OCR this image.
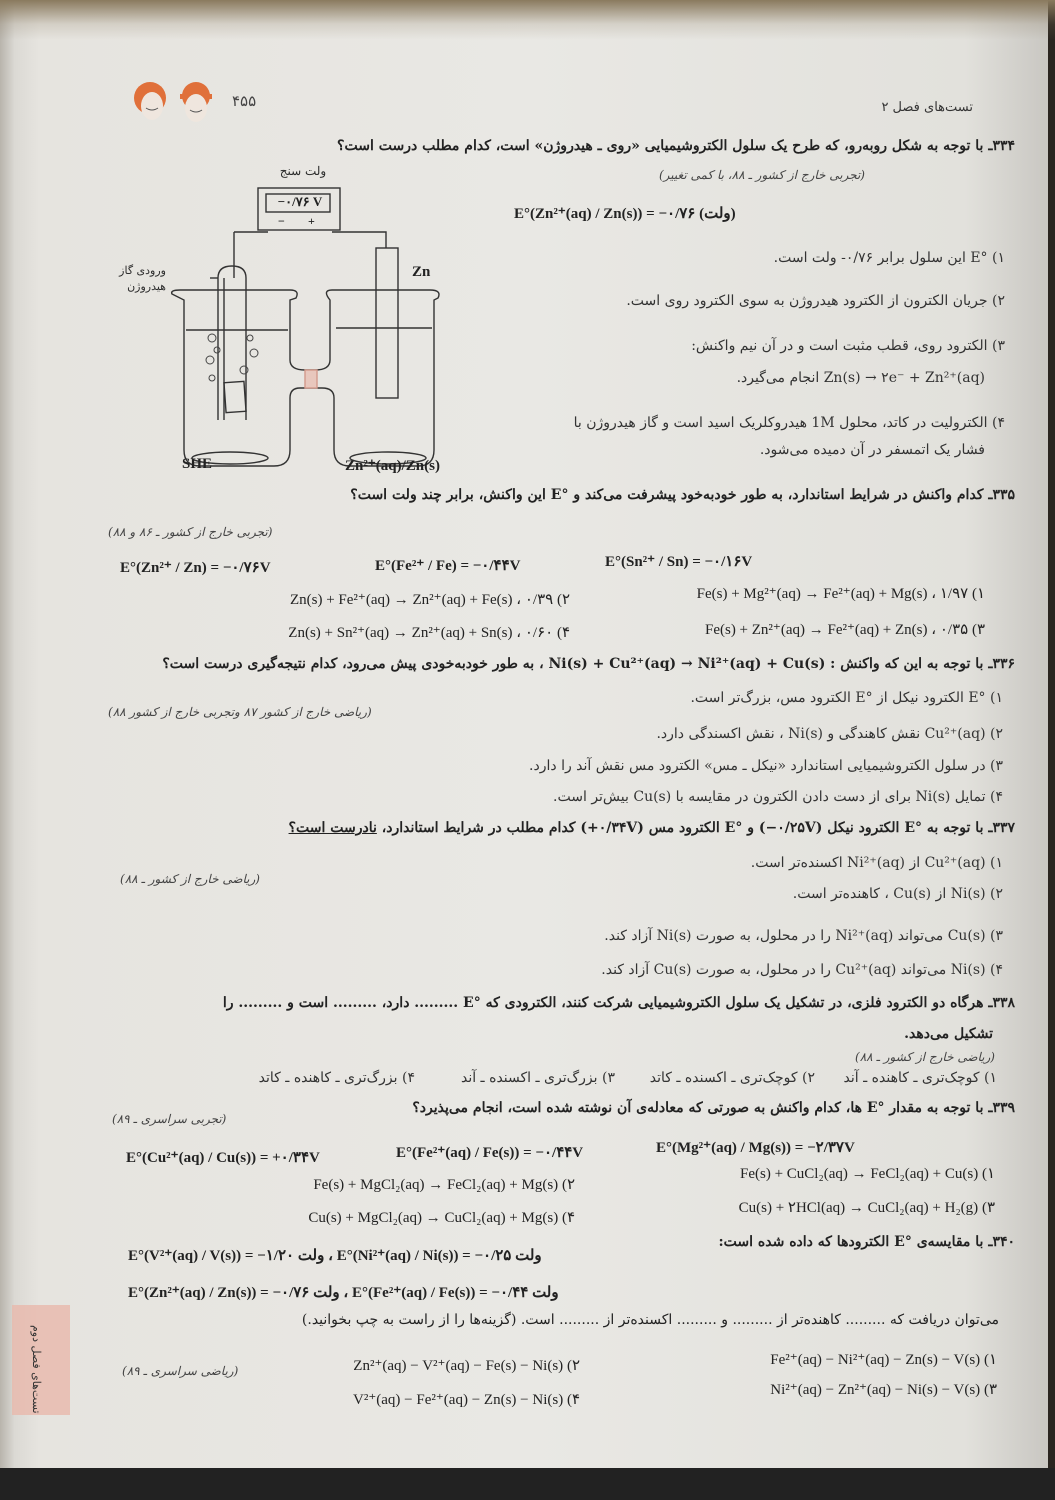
۴۵۵	تست‌های فصل ۲
۳۳۴ـ با توجه به شکل روبه‌رو، که طرح یک سلول الکتروشیمیایی «روی ـ هیدروژن» است، کدام مطلب درست است؟
(تجربی خارج از کشور ـ ۸۸، با کمی تغییر)
ولت سنج
−۰/۷۶ V
− +
ورودی گاز
هیدروژن
Zn
SHE	Zn²⁺(aq)/Zn(s)
E°(Zn²⁺(aq) / Zn(s)) = −۰/۷۶ (ولت)
۱) °E این سلول برابر ۰/۷۶- ولت است.
۲) جریان الکترون از الکترود هیدروژن به سوی الکترود روی است.
۳) الکترود روی، قطب مثبت است و در آن نیم واکنش:
Zn(s) → ۲e⁻ + Zn²⁺(aq) انجام می‌گیرد.
۴) الکترولیت در کاتد، محلول 1M هیدروکلریک اسید است و گاز هیدروژن با
فشار یک اتمسفر در آن دمیده می‌شود.
۳۳۵ـ کدام واکنش در شرایط استاندارد، به طور خودبه‌خود پیشرفت می‌کند و °E این واکنش، برابر چند ولت است؟
(تجربی خارج از کشور ـ ۸۶ و ۸۸)
E°(Zn²⁺ / Zn) = −۰/۷۶V	E°(Fe²⁺ / Fe) = −۰/۴۴V	E°(Sn²⁺ / Sn) = −۰/۱۶V
۱) Fe(s) + Mg²⁺(aq) → Fe²⁺(aq) + Mg(s) ، ۱/۹۷
۲) Zn(s) + Fe²⁺(aq) → Zn²⁺(aq) + Fe(s) ، ۰/۳۹
۳) Fe(s) + Zn²⁺(aq) → Fe²⁺(aq) + Zn(s) ، ۰/۳۵
۴) Zn(s) + Sn²⁺(aq) → Zn²⁺(aq) + Sn(s) ، ۰/۶۰
۳۳۶ـ با توجه به این که واکنش : Ni(s) + Cu²⁺(aq) → Ni²⁺(aq) + Cu(s) ، به طور خودبه‌خودی پیش می‌رود، کدام نتیجه‌گیری درست است؟
(ریاضی خارج از کشور ۸۷ وتجربی خارج از کشور ۸۸)
۱) °E الکترود نیکل از °E الکترود مس، بزرگ‌تر است.
۲) Cu²⁺(aq) نقش کاهندگی و Ni(s) ، نقش اکسندگی دارد.
۳) در سلول الکتروشیمیایی استاندارد «نیکل ـ مس» الکترود مس نقش آند را دارد.
۴) تمایل Ni(s) برای از دست دادن الکترون در مقایسه با Cu(s) بیش‌تر است.
۳۳۷ـ با توجه به °E الکترود نیکل (۰/۲۵V−) و °E الکترود مس (۰/۳۴V+) کدام مطلب در شرایط استاندارد، نادرست است؟
(ریاضی خارج از کشور ـ ۸۸)
۱) Cu²⁺(aq) از Ni²⁺(aq) اکسنده‌تر است.
۲) Ni(s) از Cu(s) ، کاهنده‌تر است.
۳) Cu(s) می‌تواند Ni²⁺(aq) را در محلول، به صورت Ni(s) آزاد کند.
۴) Ni(s) می‌تواند Cu²⁺(aq) را در محلول، به صورت Cu(s) آزاد کند.
۳۳۸ـ هرگاه دو الکترود فلزی، در تشکیل یک سلول الکتروشیمیایی شرکت کنند، الکترودی که °E ......... دارد، ......... است و ......... را
تشکیل می‌دهد.
(ریاضی خارج از کشور ـ ۸۸)
۱) کوچک‌تری ـ کاهنده ـ آند
۲) کوچک‌تری ـ اکسنده ـ کاتد
۳) بزرگ‌تری ـ اکسنده ـ آند
۴) بزرگ‌تری ـ کاهنده ـ کاتد
۳۳۹ـ با توجه به مقدار °E ها، کدام واکنش به صورتی که معادله‌ی آن نوشته شده است، انجام می‌پذیرد؟
(تجربی سراسری ـ ۸۹)
E°(Cu²⁺(aq) / Cu(s)) = +۰/۳۴V	E°(Fe²⁺(aq) / Fe(s)) = −۰/۴۴V	E°(Mg²⁺(aq) / Mg(s)) = −۲/۳۷V
۱) Fe(s) + CuCl₂(aq) → FeCl₂(aq) + Cu(s)
۲) Fe(s) + MgCl₂(aq) → FeCl₂(aq) + Mg(s)
۳) Cu(s) + ۲HCl(aq) → CuCl₂(aq) + H₂(g)
۴) Cu(s) + MgCl₂(aq) → CuCl₂(aq) + Mg(s)
۳۴۰ـ با مقایسه‌ی °E الکترودها که داده شده است:
E°(V²⁺(aq) / V(s)) = −۱/۲۰ ولت ، E°(Ni²⁺(aq) / Ni(s)) = −۰/۲۵ ولت
E°(Zn²⁺(aq) / Zn(s)) = −۰/۷۶ ولت ، E°(Fe²⁺(aq) / Fe(s)) = −۰/۴۴ ولت
می‌توان دریافت که ......... کاهنده‌تر از ......... و ......... اکسنده‌تر از ......... است. (گزینه‌ها را از راست به چپ بخوانید.)
(ریاضی سراسری ـ ۸۹)
۱) Fe²⁺(aq) − Ni²⁺(aq) − Zn(s) − V(s)
۲) Zn²⁺(aq) − V²⁺(aq) − Fe(s) − Ni(s)
۳) Ni²⁺(aq) − Zn²⁺(aq) − Ni(s) − V(s)
۴) V²⁺(aq) − Fe²⁺(aq) − Zn(s) − Ni(s)
تست‌های فصل دوم
